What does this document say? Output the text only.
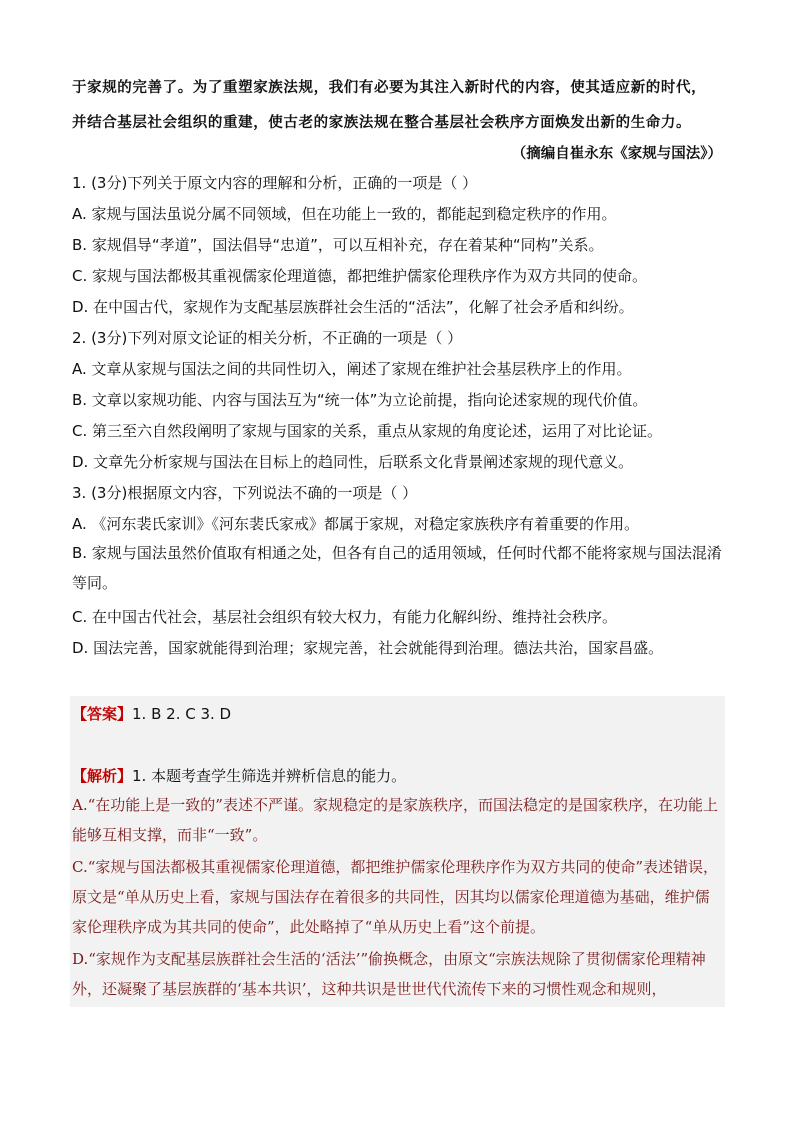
于家规的完善了。为了重塑家族法规，我们有必要为其注入新时代的内容，使其适应新的时代，
并结合基层社会组织的重建，使古老的家族法规在整合基层社会秩序方面焕发出新的生命力。
（摘编自崔永东《家规与国法》）
1. (3分)下列关于原文内容的理解和分析，正确的一项是（ ）
A. 家规与国法虽说分属不同领域，但在功能上一致的，都能起到稳定秩序的作用。
B. 家规倡导“孝道”，国法倡导“忠道”，可以互相补充，存在着某种“同构”关系。
C. 家规与国法都极其重视儒家伦理道德，都把维护儒家伦理秩序作为双方共同的使命。
D. 在中国古代，家规作为支配基层族群社会生活的“活法”，化解了社会矛盾和纠纷。
2. (3分)下列对原文论证的相关分析，不正确的一项是（ ）
A. 文章从家规与国法之间的共同性切入，阐述了家规在维护社会基层秩序上的作用。
B. 文章以家规功能、内容与国法互为“统一体”为立论前提，指向论述家规的现代价值。
C. 第三至六自然段阐明了家规与国家的关系，重点从家规的角度论述，运用了对比论证。
D. 文章先分析家规与国法在目标上的趋同性，后联系文化背景阐述家规的现代意义。
3. (3分)根据原文内容，下列说法不确的一项是（ ）
A. 《河东裴氏家训》《河东裴氏家戒》都属于家规，对稳定家族秩序有着重要的作用。
B. 家规与国法虽然价值取有相通之处，但各有自己的适用领域，任何时代都不能将家规与国法混淆等同。
C. 在中国古代社会，基层社会组织有较大权力，有能力化解纠纷、维持社会秩序。
D. 国法完善，国家就能得到治理；家规完善，社会就能得到治理。德法共治，国家昌盛。
【答案】1. B 2. C 3. D
【解析】1. 本题考查学生筛选并辨析信息的能力。
A.“在功能上是一致的”表述不严谨。家规稳定的是家族秩序，而国法稳定的是国家秩序，在功能上能够互相支撑，而非“一致”。
C.“家规与国法都极其重视儒家伦理道德，都把维护儒家伦理秩序作为双方共同的使命”表述错误，原文是“单从历史上看，家规与国法存在着很多的共同性，因其均以儒家伦理道德为基础，维护儒家伦理秩序成为其共同的使命”，此处略掉了“单从历史上看”这个前提。
D.“家规作为支配基层族群社会生活的‘活法’”偷换概念，由原文“宗族法规除了贯彻儒家伦理精神外，还凝聚了基层族群的‘基本共识’，这种共识是世世代代流传下来的习惯性观念和规则，
